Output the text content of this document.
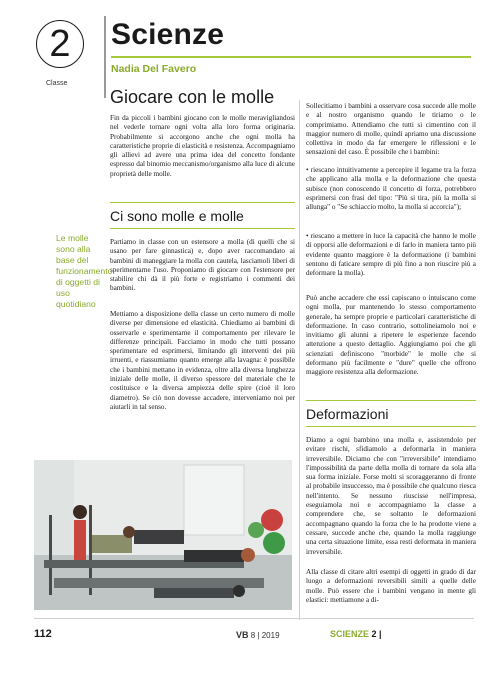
2
Classe
Scienze
Nadia Del Favero
Giocare con le molle

Fin da piccoli i bambini giocano con le molle meravigliandosi nel vederle tornare ogni volta alla loro forma originaria. Probabilmente si accorgono anche che ogni molla ha caratteristiche proprie di elasticità e resistenza. Accompagniamo gli allievi ad avere una prima idea del concetto fondante espresso dal binomio meccanismo/organismo alla luce di alcune proprietà delle molle.

Ci sono molle e molle

Partiamo in classe con un estensore a molla (di quelli che si usano per fare ginnastica) e, dopo aver raccomandato ai bambini di maneggiare la molla con cautela, lasciamoli liberi di sperimentarne l'uso. Proponiamo di giocare con l'estensore per stabilire chi dà il più forte e registriamo i commenti dei bambini.

Mettiamo a disposizione della classe un certo numero di molle diverse per dimensione ed elasticità. Chiediamo ai bambini di osservarle e sperimentarne il comportamento per rilevare le differenze principali. Facciamo in modo che tutti possano sperimentare ed esprimersi, limitando gli interventi dei più irruenti, e riassumiamo quanto emerge alla lavagna: è possibile che i bambini mettano in evidenza, oltre alla diversa lunghezza iniziale delle molle, il diverso spessore del materiale che le costituisce e la diversa ampiezza delle spire (cioè il loro diametro). Se ciò non dovesse accadere, interveniamo noi per aiutarli in tal senso.

Le molle sono alla base del funzionamento di oggetti di uso quotidiano

Sollecitiamo i bambini a osservare cosa succede alle molle e al nostro organismo quando le tiriamo o le comprimiamo. Attendiamo che tutti si cimentino con il maggior numero di molle, quindi apriamo una discussione collettiva in modo da far emergere le riflessioni e le sensazioni del caso. È possibile che i bambini:

• riescano intuitivamente a percepire il legame tra la forza che applicano alla molla e la deformazione che questa subisce (non conoscendo il concetto di forza, potrebbero esprimersi con frasi del tipo: "Più si tira, più la molla si allunga" o "Se schiaccio molto, la molla si accorcia");

• riescano a mettere in luce la capacità che hanno le molle di opporsi alle deformazioni e di farlo in maniera tanto più evidente quanto maggiore è la deformazione (i bambini sentono di faticare sempre di più fino a non riuscire più a deformare la molla).

Può anche accadere che essi capiscano o intuiscano come ogni molla, pur mantenendo lo stesso comportamento generale, ha sempre proprie e particolari caratteristiche di deformazione. In caso contrario, sottolineiamolo noi e invitiamo gli alunni a ripetere le esperienze facendo attenzione a questo dettaglio. Aggiungiamo poi che gli scienziati definiscono "morbide" le molle che si deformano più facilmente e "dure" quelle che offrono maggiore resistenza alla deformazione.

Deformazioni

Diamo a ogni bambino una molla e, assistendolo per evitare rischi, sfidiamolo a deformarla in maniera irreversibile. Diciamo che con "irreversibile" intendiamo l'impossibilità da parte della molla di tornare da sola alla sua forma iniziale. Forse molti si scoraggeranno di fronte al probabile insuccesso, ma è possibile che qualcuno riesca nell'intento. Se nessuno riuscisse nell'impresa, eseguiamola noi e accompagniamo la classe a comprendere che, se soltanto le deformazioni accompagnano quando la forza che le ha prodotte viene a cessare, succede anche che, quando la molla raggiunge una certa situazione limite, essa resti deformata in maniera irreversibile.

Alla classe di citare altri esempi di oggetti in grado di dar luogo a deformazioni reversibili simili a quelle delle molle. Può essere che i bambini vengano in mente gli elastici: mettiamone a di-

112	VB 8 | 2019	SCIENZE 2 |
